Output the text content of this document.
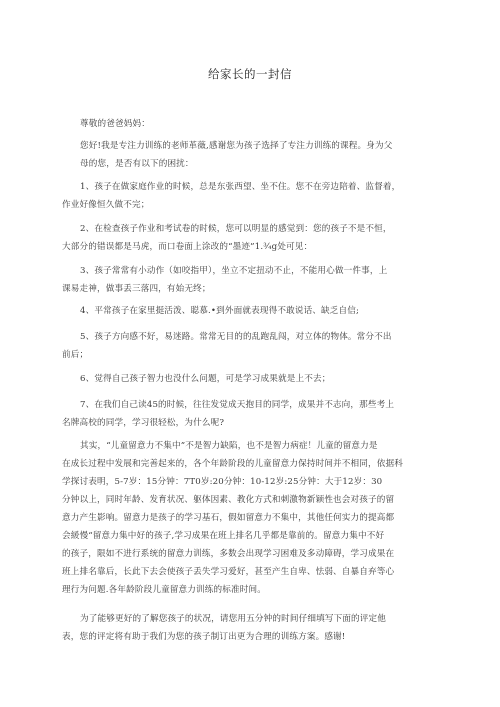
给家长的一封信
尊敬的爸爸妈妈：
您好!我是专注力训练的老师革薇,感谢您为孩子选择了专注力训练的课程。身为父
母的您，是否有以下的困扰：
1、孩子在做家庭作业的时候，总是东张西望、坐不住。您不在旁边陪着、监督着，
作业好像恒久做不完；
2、在检查孩子作业和考试卷的时候，您可以明显的感觉到：您的孩子不是不恒，
大部分的错误都是马虎，而口卷面上涂改的“墨迹”1.¾g处可见：
3、孩子常常有小动作（如咬指甲），坐立不定扭动不止，不能用心做一件事，上
课易走神，做事丢三落四，有始无终；
4、平常孩子在家里挺活泼、聪慕.•到外面就表现得不敢说话、缺乏自信;
5、孩子方向感不好，易迷路。常常无目的的乱跑乱闯，对立体的物体。常分不出
前后；
6、觉得自己孩子智力也没什么问题，可是学习成果就是上不去；
7、在我们自己读45的时候，往往发觉成天抱目的同学，成果并不志向，那些考上
名牌高校的同学，学习很轻松，为什么呢?
其实，“儿童留意力不集中”不是智力缺陷，也不是智力病症！儿童的留意力是
在成长过程中发展和完善起来的，各个年龄阶段的儿童留意力保持时间并不相同，依据科
学探讨表明，5-7岁：15分钟：7T0岁:20分钟：10-12岁:25分钟：大于12岁：30
分钟以上，同时年龄、发育状况、躯体因素、教化方式和刺激物新颖性也会对孩子的留
意力产生影响。留意力是孩子的学习基石，假如留意力不集中，其他任何实力的提高都
会緩慢“留意力集中好的孩子,学习成果在班上排名几乎都是靠前的。留意力集中不好
的孩子，限如不进行系统的留意力训练，多数会出现学习困难及多动障碍，学习成果在
班上排名靠后，长此下去会使孩子丢失学习爱好，甚至产生自卑、怯弱、自暴自弃等心
理行为问题.各年龄阶段儿童留意力训练的标准时间。
为了能够更好的了解您孩子的状况，请您用五分钟的时间仔细填写下面的评定他
表，您的评定将有助于我们为您的孩子制订出更为合理的训练方案。感谢!
